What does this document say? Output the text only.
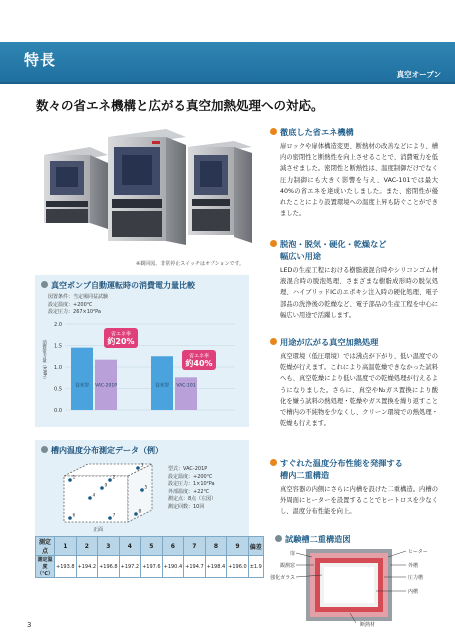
特長
真空オーブン
数々の省エネ機構と広がる真空加熱処理への対応。
※観回図、非常停止スイッチはオプションです。
徹底した省エネ機構
扉ロックや扉体構造変更、断熱材の改善などにより、槽内の密閉性と断熱性を向上させることで、消費電力を低減させました。密閉性と断熱性は、温度制御だけでなく圧力制御にも大きく影響を与え、VAC-101では最大40%の省エネを達成いたしました。また、密閉性が優れたことにより設置環境への温度上昇も防ぐことができました。
脱泡・脱気・硬化・乾燥など
幅広い用途
LEDの生産工程における樹脂液混合時やシリコンゴム材液混合時の脱泡処理、さまざまな樹脂成形時の脱気処理、ハイブリッドICのエポキシ注入時の硬化処理、電子部品の洗浄後の乾燥など、電子部品の生産工程を中心に幅広い用途で活躍します。
用途が広がる真空加熱処理
真空環境（低圧環境）では沸点が下がり、低い温度での乾燥が行えます。これにより高温乾燥できなかった試料へも、真空乾燥により低い温度での乾燥処理が行えるようになりました。さらに、真空やN₂ガス置換により酸化を嫌う試料の熱処理・乾燥やガス置換を繰り返すことで槽内の不純物を少なくし、クリーン環境での熱処理・乾燥も行えます。
すぐれた温度分布性能を発揮する
槽内二重構造
真空容器の内側にさらに内槽を設けた二重構造。内槽の外周面にヒーターを設置することでヒートロスを少なくし、温度分布性能を向上。
真空ポンプ自動運転時の消費電力量比較
図置条件：当定場同益試験
設定温度：+200℃
設定圧力：267×10²Pa
消費電力量（kWh）
2.0
1.5
1.0
0.5
0.0
従来型 VAC-201P	従来型 VAC-101
省エネ率
約20%
省エネ率
約40%
槽内温度分布測定データ（例）
1	2
3
4
5
6	7
8
9
正面
型式：VAC-201P
設定温度：+200℃
設定圧力：1×10²Pa
外部温度：+22℃
測定点：8点（左図）
測定回数：10回
測定点	1	2	3	4	5	6	7	8	9	偏差
測定温度（℃）	+193.8	+194.2	+196.8	+197.2	+197.6	+190.4	+194.7	+198.4	+196.0	±1.9
試験槽二重構造図
扉
観測窓
強化ガラス
ヒーター
外槽
圧力槽
内槽
断熱材
3
